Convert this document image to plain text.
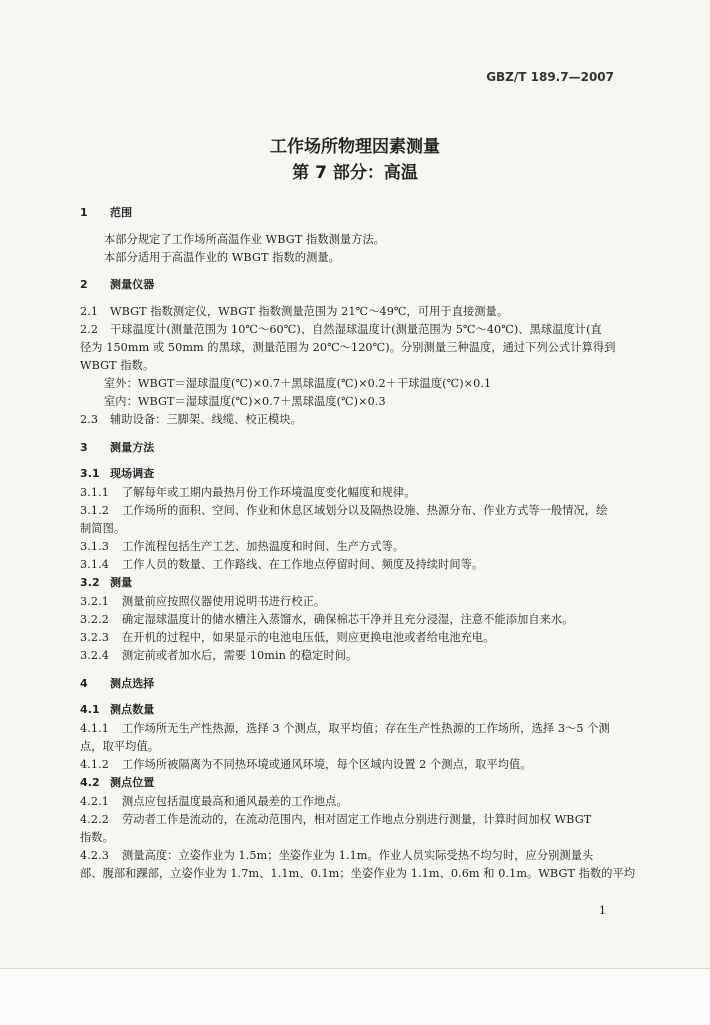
GBZ/T 189.7—2007
工作场所物理因素测量
第 7 部分：高温
1 范围
本部分规定了工作场所高温作业 WBGT 指数测量方法。
本部分适用于高温作业的 WBGT 指数的测量。
2 测量仪器
2.1 WBGT 指数测定仪，WBGT 指数测量范围为 21℃～49℃，可用于直接测量。
2.2 干球温度计(测量范围为 10℃～60℃)、自然湿球温度计(测量范围为 5℃～40℃)、黑球温度计(直
径为 150mm 或 50mm 的黑球，测量范围为 20℃～120℃)。分别测量三种温度，通过下列公式计算得到
WBGT 指数。
室外：WBGT＝湿球温度(℃)×0.7＋黑球温度(℃)×0.2＋干球温度(℃)×0.1
室内：WBGT＝湿球温度(℃)×0.7＋黑球温度(℃)×0.3
2.3 辅助设备：三脚架、线缆、校正模块。
3 测量方法
3.1 现场调查
3.1.1 了解每年或工期内最热月份工作环境温度变化幅度和规律。
3.1.2 工作场所的面积、空间、作业和休息区域划分以及隔热设施、热源分布、作业方式等一般情况，绘
制简图。
3.1.3 工作流程包括生产工艺、加热温度和时间、生产方式等。
3.1.4 工作人员的数量、工作路线、在工作地点停留时间、频度及持续时间等。
3.2 测量
3.2.1 测量前应按照仪器使用说明书进行校正。
3.2.2 确定湿球温度计的储水槽注入蒸馏水，确保棉芯干净并且充分浸湿，注意不能添加自来水。
3.2.3 在开机的过程中，如果显示的电池电压低，则应更换电池或者给电池充电。
3.2.4 测定前或者加水后，需要 10min 的稳定时间。
4 测点选择
4.1 测点数量
4.1.1 工作场所无生产性热源，选择 3 个测点，取平均值；存在生产性热源的工作场所，选择 3～5 个测
点，取平均值。
4.1.2 工作场所被隔离为不同热环境或通风环境，每个区域内设置 2 个测点，取平均值。
4.2 测点位置
4.2.1 测点应包括温度最高和通风最差的工作地点。
4.2.2 劳动者工作是流动的，在流动范围内，相对固定工作地点分别进行测量，计算时间加权 WBGT
指数。
4.2.3 测量高度：立姿作业为 1.5m；坐姿作业为 1.1m。作业人员实际受热不均匀时，应分别测量头
部、腹部和踝部，立姿作业为 1.7m、1.1m、0.1m；坐姿作业为 1.1m、0.6m 和 0.1m。WBGT 指数的平均
1
